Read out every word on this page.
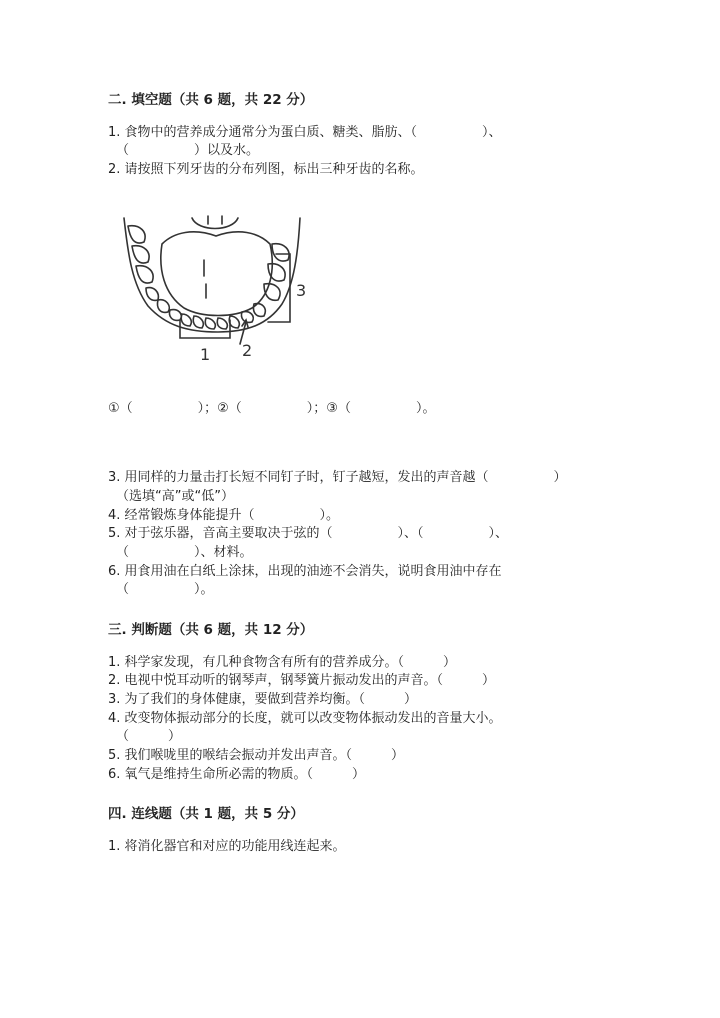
二. 填空题（共 6 题，共 22 分）
1. 食物中的营养成分通常分为蛋白质、糖类、脂肪、（　　　　　）、
（　　　　　）以及水。
2. 请按照下列牙齿的分布列图，标出三种牙齿的名称。
1 2
3
①（　　　　　）；②（　　　　　）；③（　　　　　）。
3. 用同样的力量击打长短不同钉子时，钉子越短，发出的声音越（　　　　　）
（选填“高”或“低”）
4. 经常锻炼身体能提升（　　　　　）。
5. 对于弦乐器，音高主要取决于弦的（　　　　　）、（　　　　　）、
（　　　　　）、材料。
6. 用食用油在白纸上涂抹，出现的油迹不会消失，说明食用油中存在
（　　　　　）。
三. 判断题（共 6 题，共 12 分）
1. 科学家发现，有几种食物含有所有的营养成分。（　　　）
2. 电视中悦耳动听的钢琴声，钢琴簧片振动发出的声音。（　　　）
3. 为了我们的身体健康，要做到营养均衡。（　　　）
4. 改变物体振动部分的长度，就可以改变物体振动发出的音量大小。
（　　　）
5. 我们喉咙里的喉结会振动并发出声音。（　　　）
6. 氧气是维持生命所必需的物质。（　　　）
四. 连线题（共 1 题，共 5 分）
1. 将消化器官和对应的功能用线连起来。
